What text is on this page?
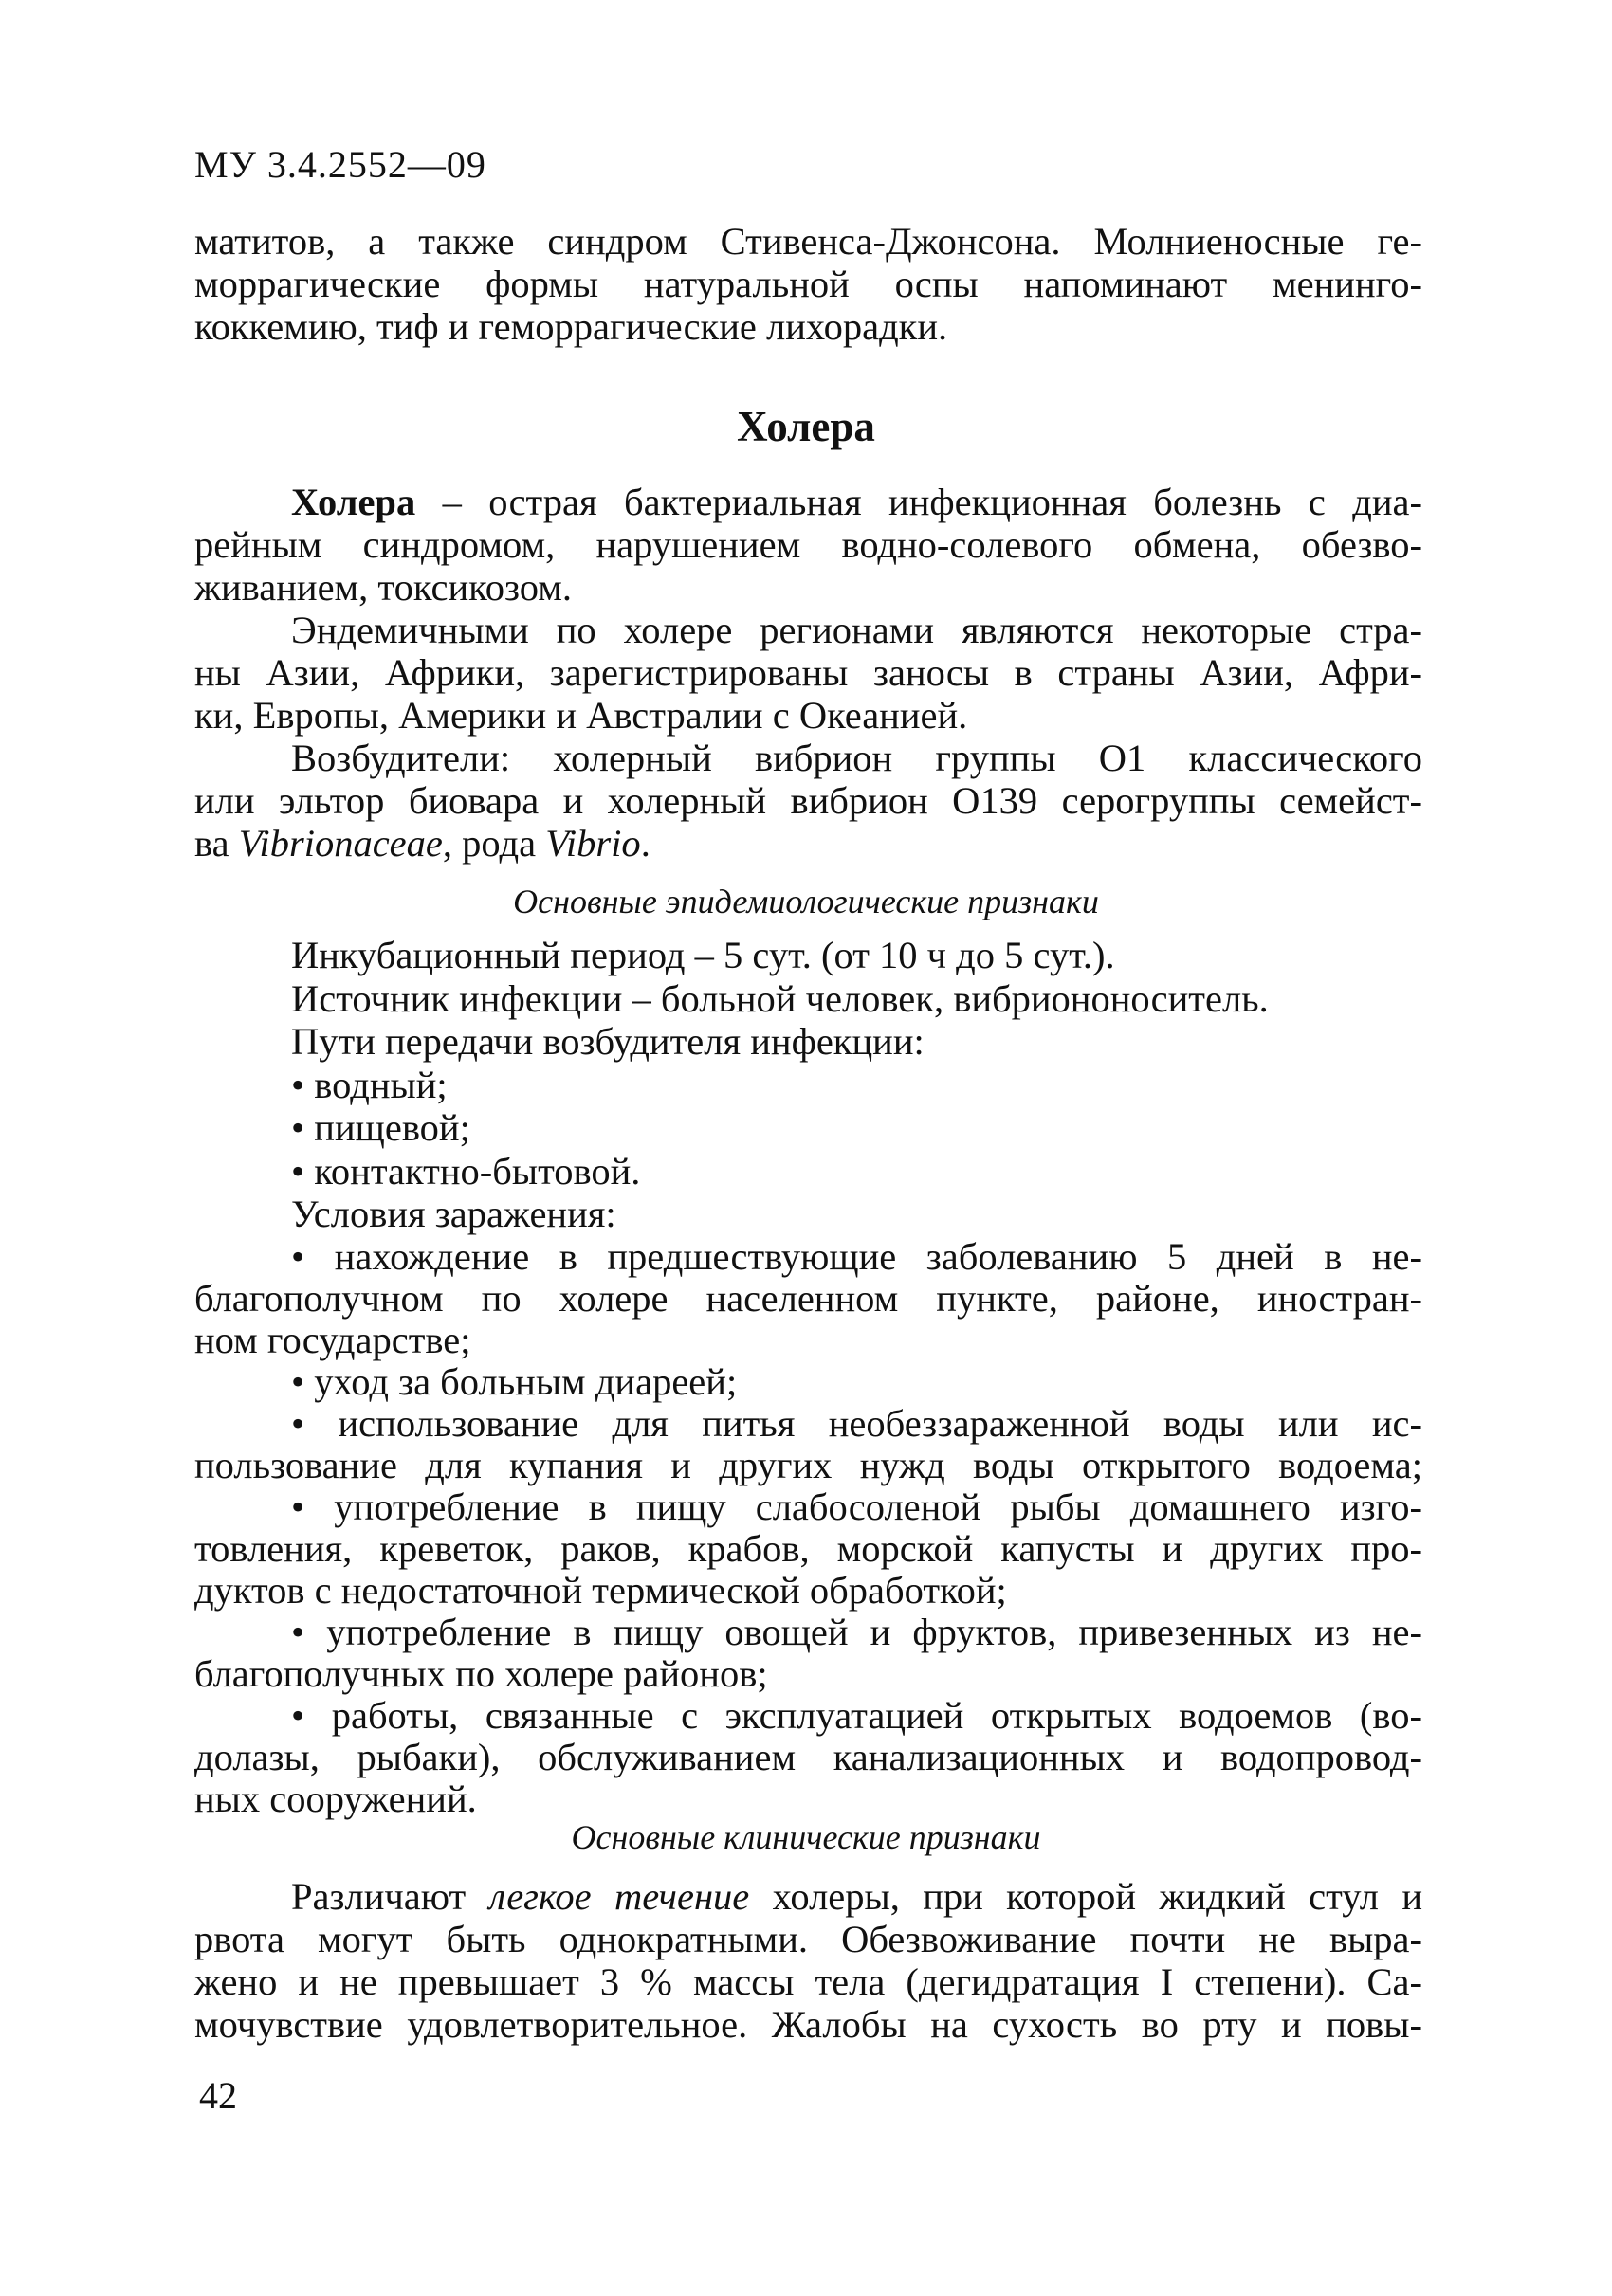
МУ 3.4.2552—09
матитов, а также синдром Стивенса-Джонсона. Молниеносные ге-
моррагические формы натуральной оспы напоминают менинго-
коккемию, тиф и геморрагические лихорадки.
Холера
Холера – острая бактериальная инфекционная болезнь с диа-
рейным синдромом, нарушением водно-солевого обмена, обезво-
живанием, токсикозом.
Эндемичными по холере регионами являются некоторые стра-
ны Азии, Африки, зарегистрированы заносы в страны Азии, Афри-
ки, Европы, Америки и Австралии с Океанией.
Возбудители: холерный вибрион группы О1 классического
или эльтор биовара и холерный вибрион О139 серогруппы семейст-
ва Vibrionaceae, рода Vibrio.
Основные эпидемиологические признаки
Инкубационный период – 5 сут. (от 10 ч до 5 сут.).
Источник инфекции – больной человек, вибриононоситель.
Пути передачи возбудителя инфекции:
• водный;
• пищевой;
• контактно-бытовой.
Условия заражения:
• нахождение в предшествующие заболеванию 5 дней в не-
благополучном по холере населенном пункте, районе, иностран-
ном государстве;
• уход за больным диареей;
• использование для питья необеззараженной воды или ис-
пользование для купания и других нужд воды открытого водоема;
• употребление в пищу слабосоленой рыбы домашнего изго-
товления, креветок, раков, крабов, морской капусты и других про-
дуктов с недостаточной термической обработкой;
• употребление в пищу овощей и фруктов, привезенных из не-
благополучных по холере районов;
• работы, связанные с эксплуатацией открытых водоемов (во-
долазы, рыбаки), обслуживанием канализационных и водопровод-
ных сооружений.
Основные клинические признаки
Различают легкое течение холеры, при которой жидкий стул и
рвота могут быть однократными. Обезвоживание почти не выра-
жено и не превышает 3 % массы тела (дегидратация I степени). Са-
мочувствие удовлетворительное. Жалобы на сухость во рту и повы-
42
